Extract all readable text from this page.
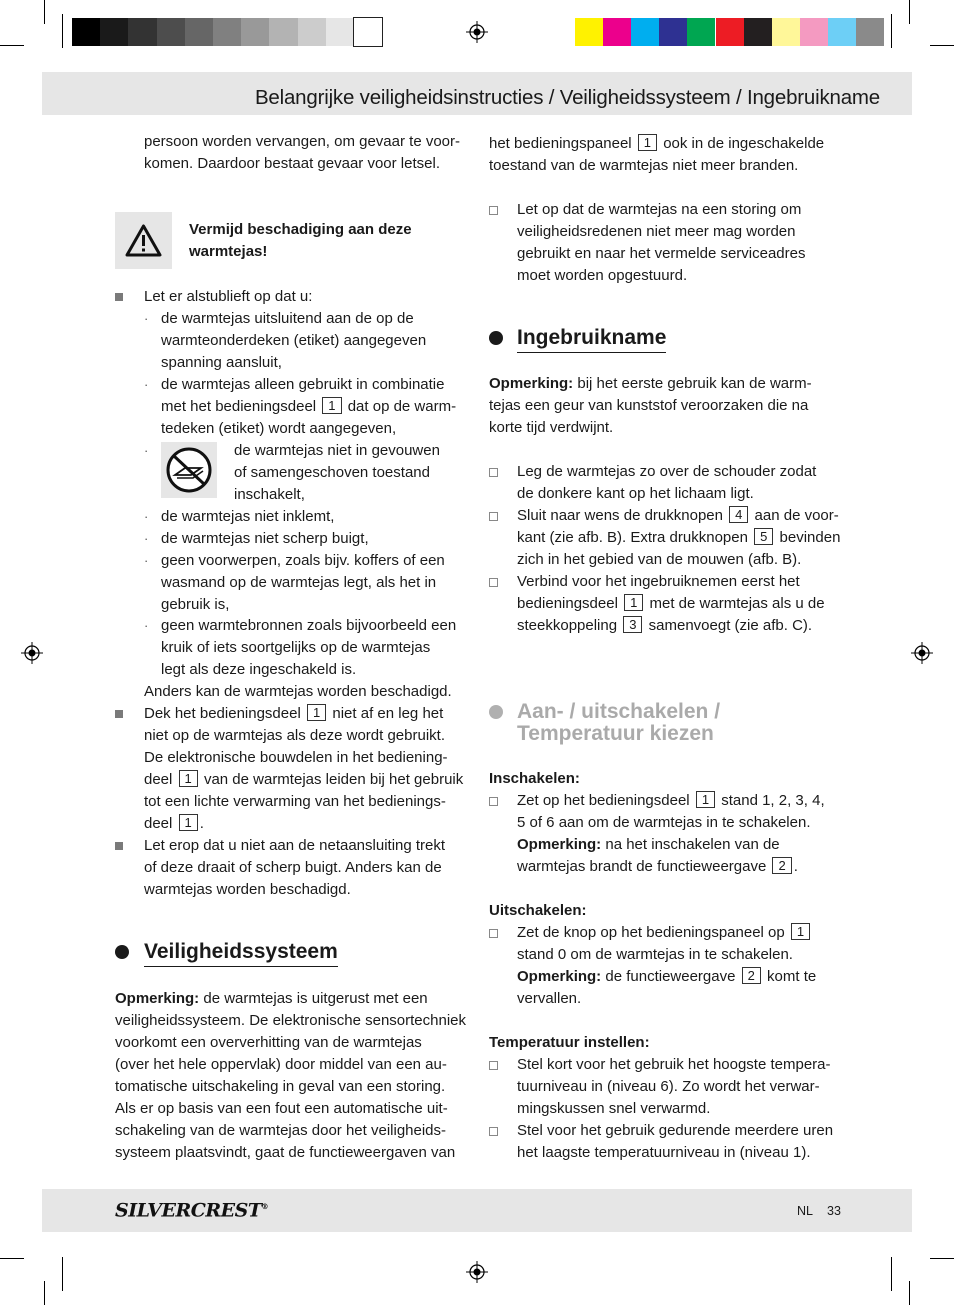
Belangrijke veiligheidsinstructies / Veiligheidssysteem / Ingebruikname
persoon worden vervangen, om gevaar te voor-
komen. Daardoor bestaat gevaar voor letsel.
Vermijd beschadiging aan deze
warmtejas!
Let er alstublieft op dat u:
· de warmtejas uitsluitend aan de op de
warmteonderdeken (etiket) aangegeven
spanning aansluit,
· de warmtejas alleen gebruikt in combinatie
met het bedieningsdeel 1 dat op de warm-
tedeken (etiket) wordt aangegeven,
·	de warmtejas niet in gevouwen
of samengeschoven toestand
inschakelt,
· de warmtejas niet inklemt,
· de warmtejas niet scherp buigt,
· geen voorwerpen, zoals bijv. koffers of een
wasmand op de warmtejas legt, als het in
gebruik is,
· geen warmtebronnen zoals bijvoorbeeld een
kruik of iets soortgelijks op de warmtejas
legt als deze ingeschakeld is.
Anders kan de warmtejas worden beschadigd.
Dek het bedieningsdeel 1 niet af en leg het
niet op de warmtejas als deze wordt gebruikt.
De elektronische bouwdelen in het bediening-
deel 1 van de warmtejas leiden bij het gebruik
tot een lichte verwarming van het bedienings-
deel 1 .
Let erop dat u niet aan de netaansluiting trekt
of deze draait of scherp buigt. Anders kan de
warmtejas worden beschadigd.
Veiligheidssysteem
Opmerking: de warmtejas is uitgerust met een
veiligheidssysteem. De elektronische sensortechniek
voorkomt een oververhitting van de warmtejas
(over het hele oppervlak) door middel van een au-
tomatische uitschakeling in geval van een storing.
Als er op basis van een fout een automatische uit-
schakeling van de warmtejas door het veiligheids-
systeem plaatsvindt, gaat de functieweergaven van
het bedieningspaneel 1 ook in de ingeschakelde
toestand van de warmtejas niet meer branden.
Let op dat de warmtejas na een storing om
veiligheidsredenen niet meer mag worden
gebruikt en naar het vermelde serviceadres
moet worden opgestuurd.
Ingebruikname
Opmerking: bij het eerste gebruik kan de warm-
tejas een geur van kunststof veroorzaken die na
korte tijd verdwijnt.
Leg de warmtejas zo over de schouder zodat
de donkere kant op het lichaam ligt.
Sluit naar wens de drukknopen 4 aan de voor-
kant (zie afb. B). Extra drukknopen 5 bevinden
zich in het gebied van de mouwen (afb. B).
Verbind voor het ingebruiknemen eerst het
bedieningsdeel 1 met de warmtejas als u de
steekkoppeling 3 samenvoegt (zie afb. C).
Aan- / uitschakelen /
Temperatuur kiezen
Inschakelen:
Zet op het bedieningsdeel 1 stand 1, 2, 3, 4,
5 of 6 aan om de warmtejas in te schakelen.
Opmerking: na het inschakelen van de
warmtejas brandt de functieweergave 2 .
Uitschakelen:
Zet de knop op het bedieningspaneel op 1
stand 0 om de warmtejas in te schakelen.
Opmerking: de functieweergave 2 komt te
vervallen.
Temperatuur instellen:
Stel kort voor het gebruik het hoogste tempera-
tuurniveau in (niveau 6). Zo wordt het verwar-
mingskussen snel verwarmd.
Stel voor het gebruik gedurende meerdere uren
het laagste temperatuurniveau in (niveau 1).
SILVERCREST®	NL 33
